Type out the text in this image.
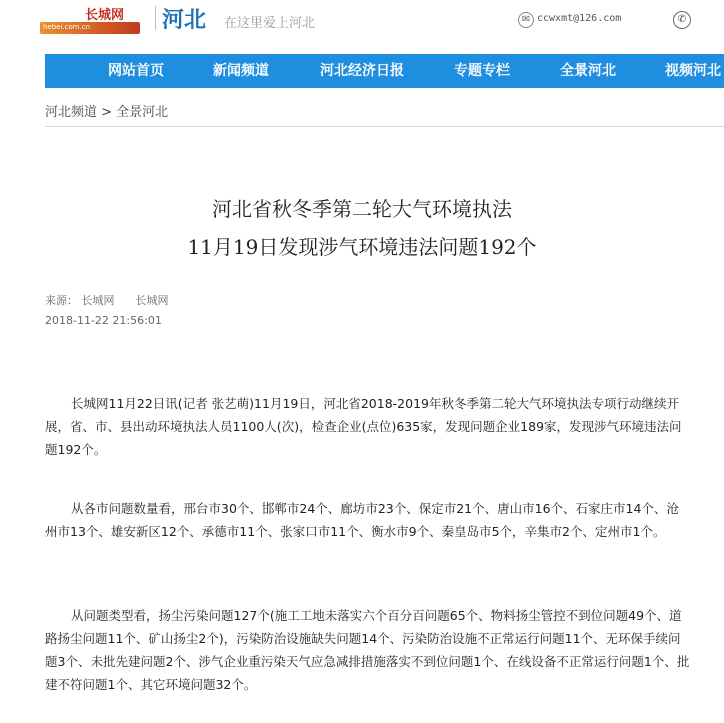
长城网
hebei.com.cn	河北 在这里爱上河北	✉ ccwxmt@126.com	✆
网站首页	新闻频道	河北经济日报	专题专栏	全景河北	视频河北
河北频道 > 全景河北
河北省秋冬季第二轮大气环境执法
11月19日发现涉气环境违法问题192个
来源： 长城网 长城网
2018-11-22 21:56:01
长城网11月22日讯(记者 张艺萌)11月19日，河北省2018-2019年秋冬季第二轮大气环境执法专项行动继续开展，省、市、县出动环境执法人员1100人(次)，检查企业(点位)635家，发现问题企业189家，发现涉气环境违法问题192个。
从各市问题数量看，邢台市30个、邯郸市24个、廊坊市23个、保定市21个、唐山市16个、石家庄市14个、沧州市13个、雄安新区12个、承德市11个、张家口市11个、衡水市9个、秦皇岛市5个，辛集市2个、定州市1个。
从问题类型看，扬尘污染问题127个(施工工地未落实六个百分百问题65个、物料扬尘管控不到位问题49个、道路扬尘问题11个、矿山扬尘2个)，污染防治设施缺失问题14个、污染防治设施不正常运行问题11个、无环保手续问题3个、未批先建问题2个、涉气企业重污染天气应急减排措施落实不到位问题1个、在线设备不正常运行问题1个、批建不符问题1个、其它环境问题32个。
